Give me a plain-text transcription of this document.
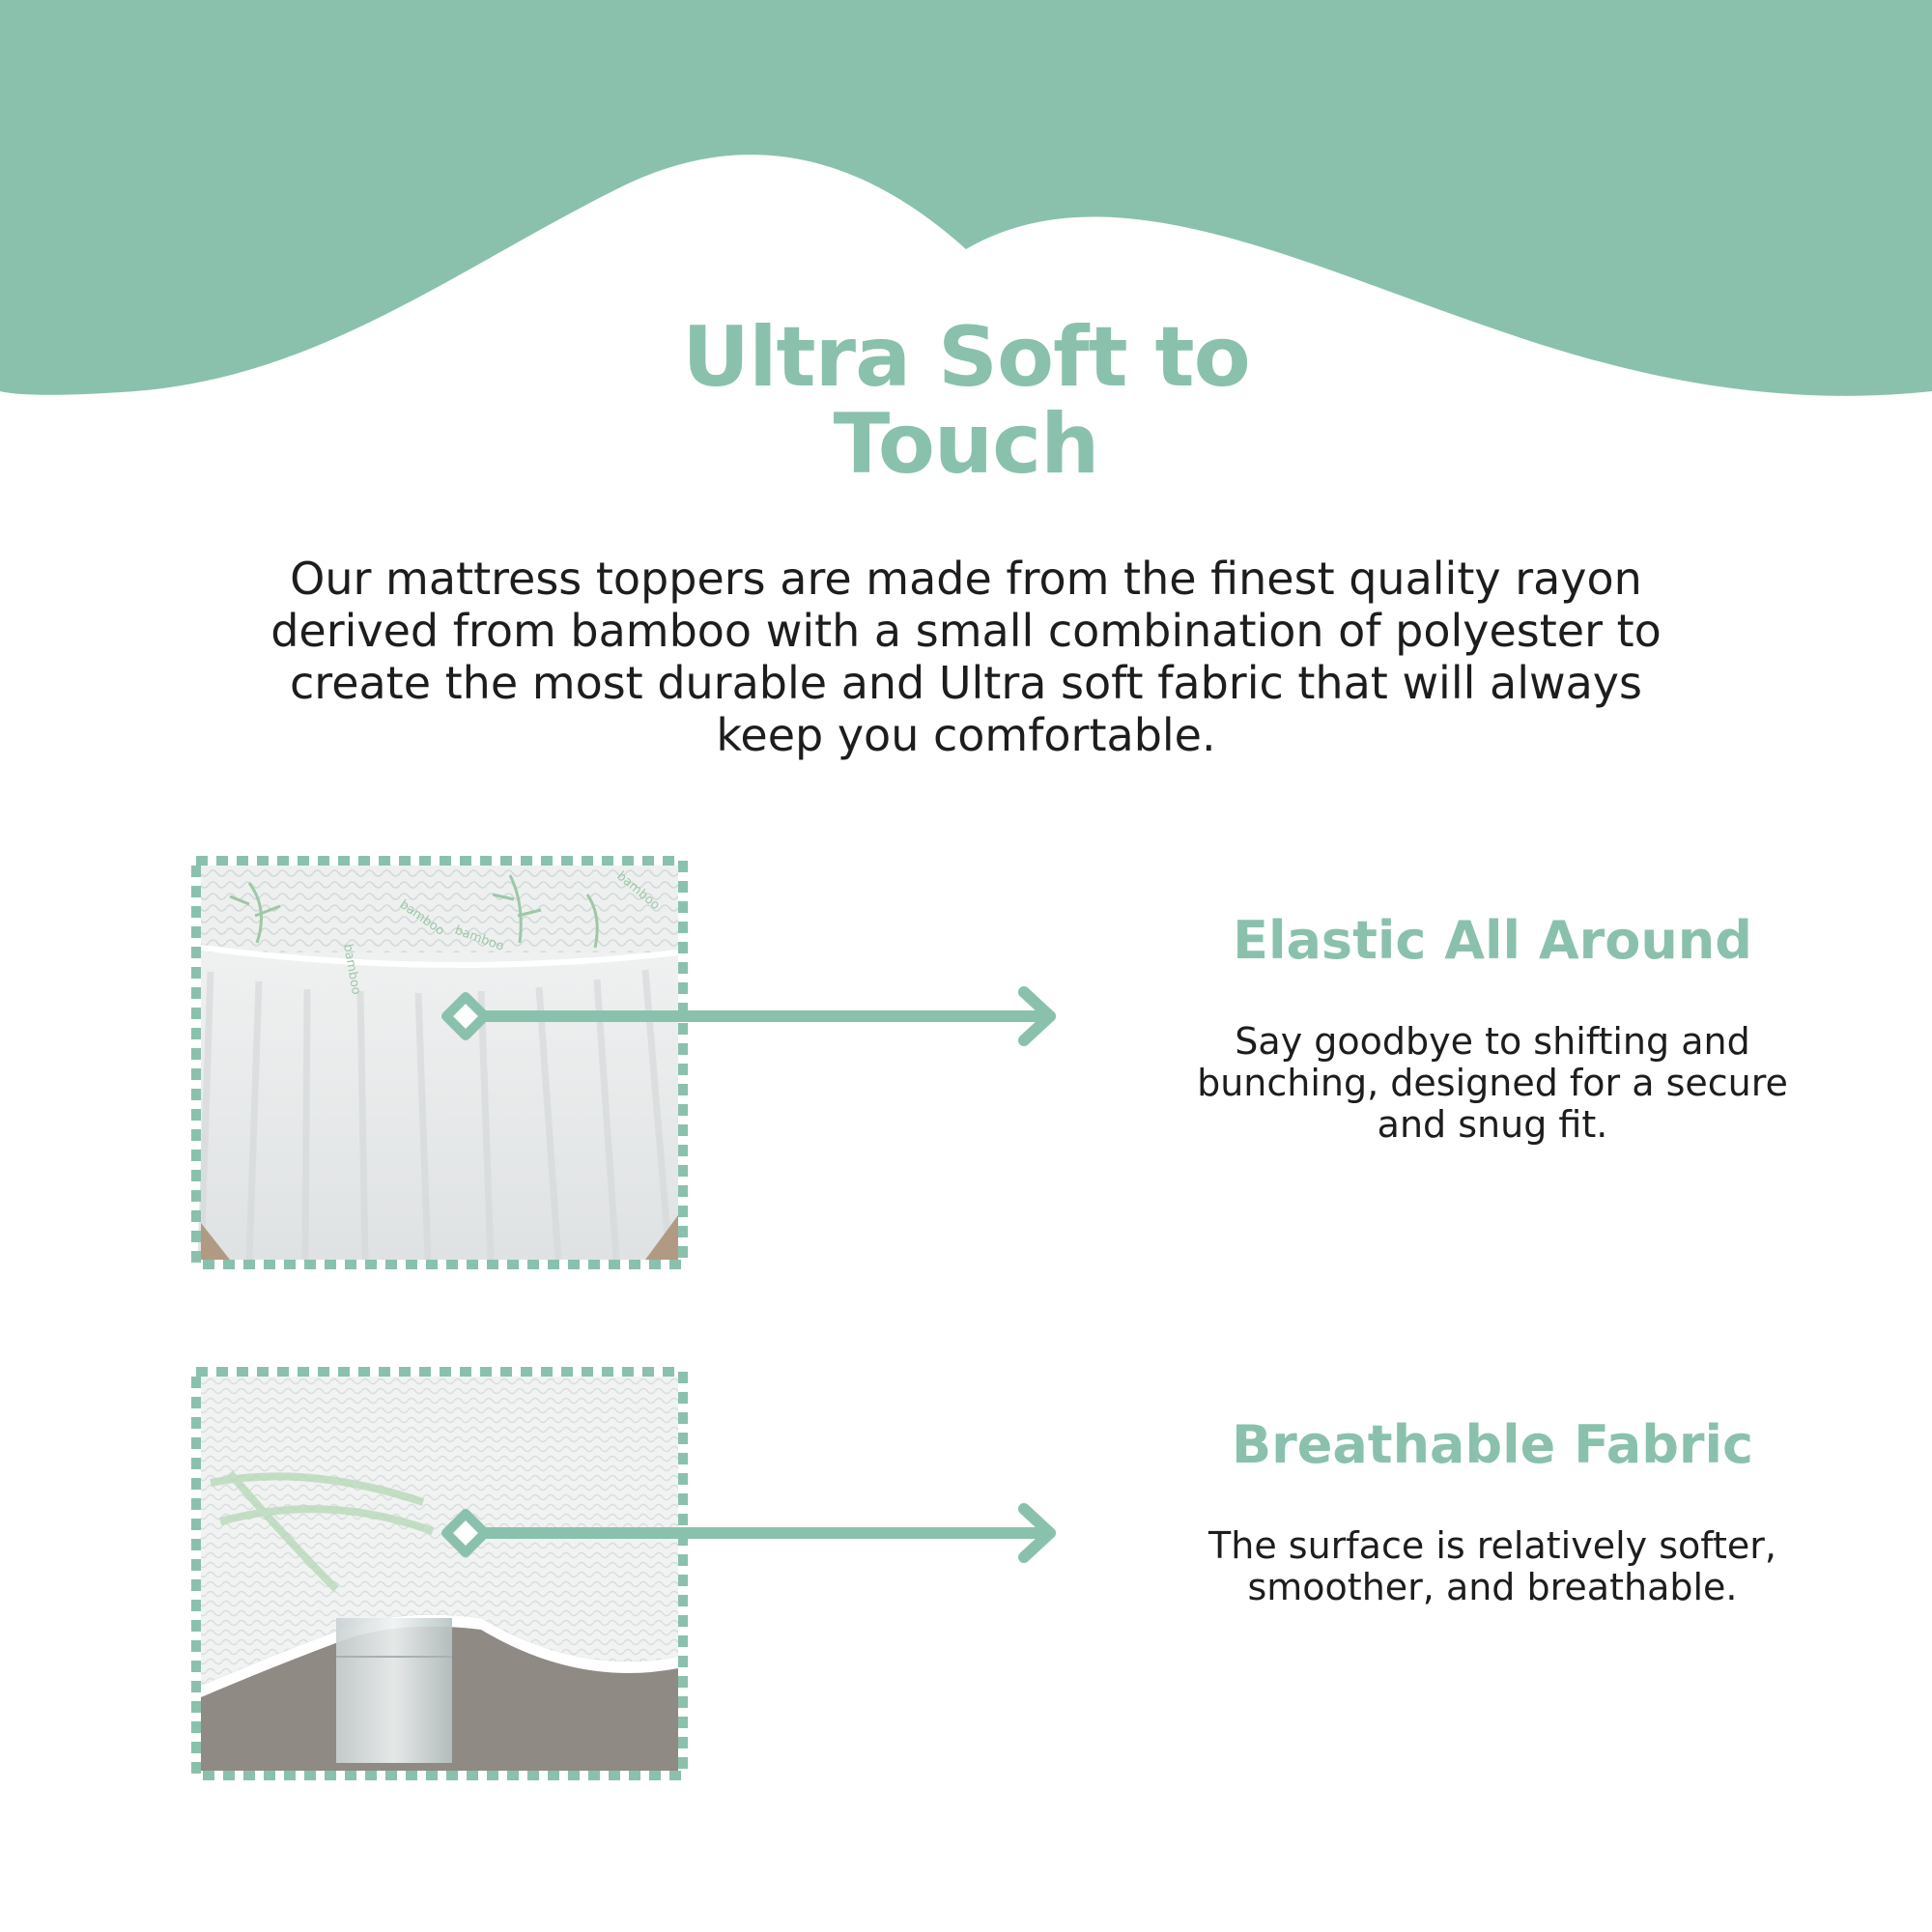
Ultra Soft to
Touch

Our mattress toppers are made from the finest quality rayon derived from bamboo with a small combination of polyester to create the most durable and Ultra soft fabric that will always keep you comfortable.

bamboo
bamboo
bamboo
bamboo	Elastic All Around

Say goodbye to shifting and bunching, designed for a secure and snug fit.

Breathable Fabric

The surface is relatively softer, smoother, and breathable.
